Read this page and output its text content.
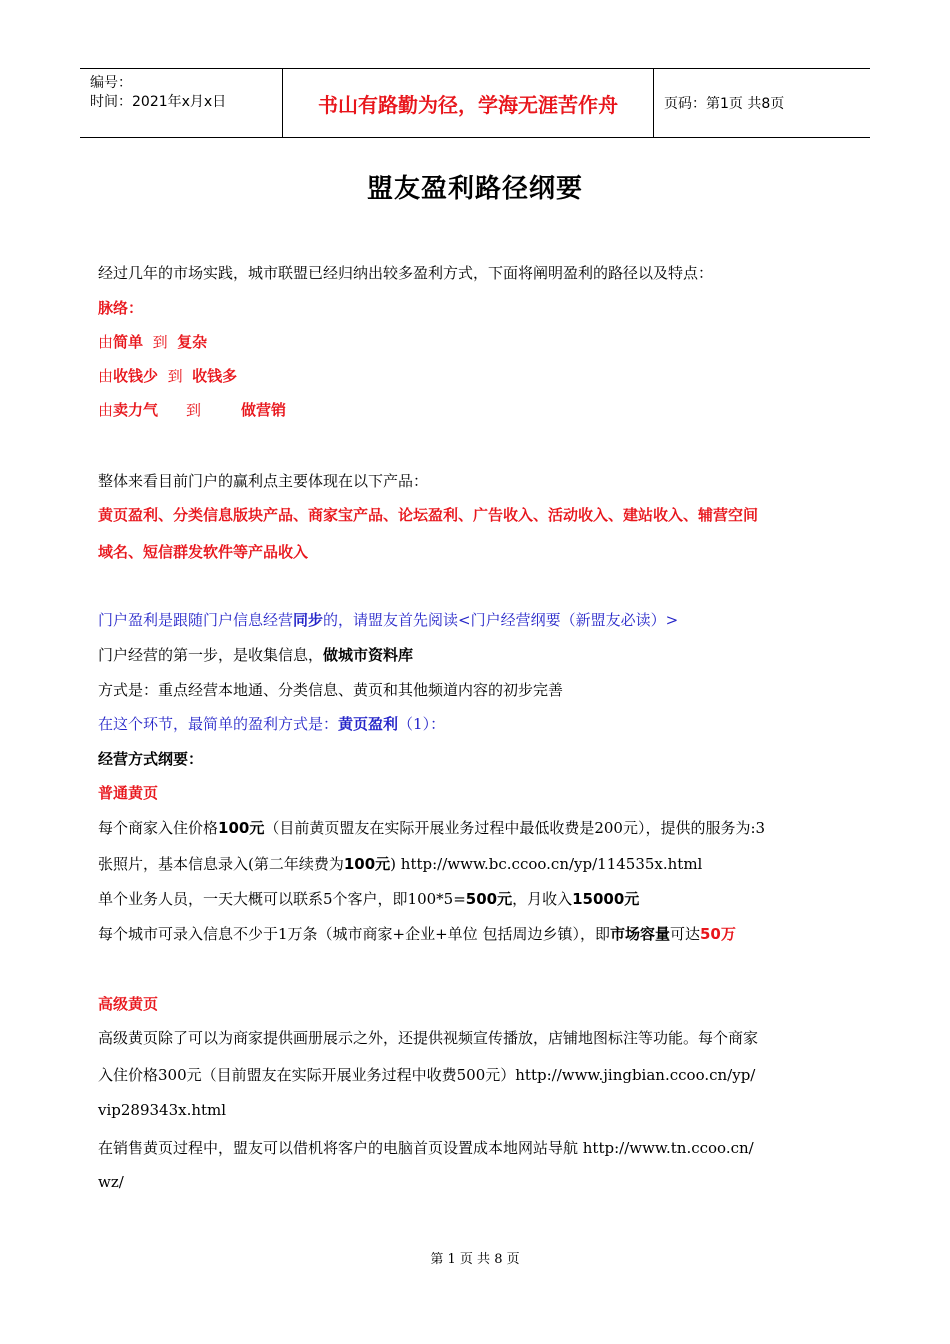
编号：
时间：2021年x月x日	书山有路勤为径，学海无涯苦作舟	页码：第1页 共8页
盟友盈利路径纲要
经过几年的市场实践，城市联盟已经归纳出较多盈利方式，下面将阐明盈利的路径以及特点：
脉络：
由简单 到 复杂
由收钱少 到 收钱多
由卖力气 到	做营销
整体来看目前门户的赢利点主要体现在以下产品：
黄页盈利、分类信息版块产品、商家宝产品、论坛盈利、广告收入、活动收入、建站收入、辅营空间
域名、短信群发软件等产品收入
门户盈利是跟随门户信息经营同步的，请盟友首先阅读<门户经营纲要（新盟友必读）>
门户经营的第一步，是收集信息，做城市资料库
方式是：重点经营本地通、分类信息、黄页和其他频道内容的初步完善
在这个环节，最简单的盈利方式是：黄页盈利（1）：
经营方式纲要：
普通黄页
每个商家入住价格100元（目前黄页盟友在实际开展业务过程中最低收费是200元），提供的服务为:3
张照片，基本信息录入(第二年续费为100元) http://www.bc.ccoo.cn/yp/114535x.html
单个业务人员，一天大概可以联系5个客户，即100*5=500元，月收入15000元
每个城市可录入信息不少于1万条（城市商家+企业+单位 包括周边乡镇），即市场容量可达50万
高级黄页
高级黄页除了可以为商家提供画册展示之外，还提供视频宣传播放，店铺地图标注等功能。每个商家
入住价格300元（目前盟友在实际开展业务过程中收费500元）http://www.jingbian.ccoo.cn/yp/
vip289343x.html
在销售黄页过程中，盟友可以借机将客户的电脑首页设置成本地网站导航 http://www.tn.ccoo.cn/
wz/
第 1 页 共 8 页
